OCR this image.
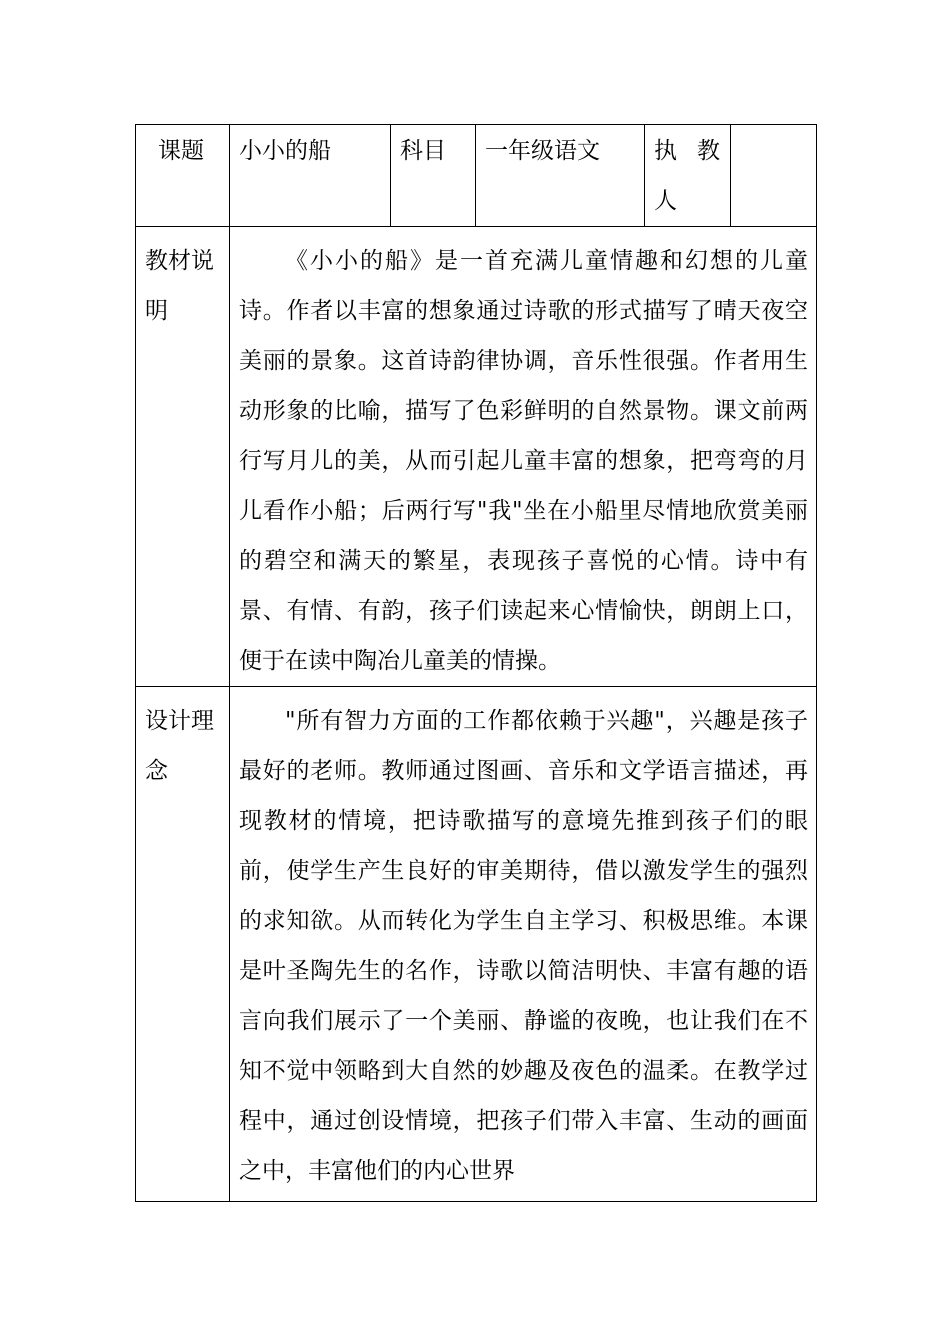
课题	小小的船	科目	一年级语文	执教人	

教材说明	《小小的船》是一首充满儿童情趣和幻想的儿童诗。作者以丰富的想象通过诗歌的形式描写了晴天夜空美丽的景象。这首诗韵律协调，音乐性很强。作者用生动形象的比喻，描写了色彩鲜明的自然景物。课文前两行写月儿的美，从而引起儿童丰富的想象，把弯弯的月儿看作小船；后两行写"我"坐在小船里尽情地欣赏美丽的碧空和满天的繁星，表现孩子喜悦的心情。诗中有景、有情、有韵，孩子们读起来心情愉快，朗朗上口，便于在读中陶冶儿童美的情操。				
设计理念	"所有智力方面的工作都依赖于兴趣"，兴趣是孩子最好的老师。教师通过图画、音乐和文学语言描述，再现教材的情境，把诗歌描写的意境先推到孩子们的眼前，使学生产生良好的审美期待，借以激发学生的强烈的求知欲。从而转化为学生自主学习、积极思维。本课是叶圣陶先生的名作，诗歌以简洁明快、丰富有趣的语言向我们展示了一个美丽、静谧的夜晚，也让我们在不知不觉中领略到大自然的妙趣及夜色的温柔。在教学过程中，通过创设情境，把孩子们带入丰富、生动的画面之中，丰富他们的内心世界				
